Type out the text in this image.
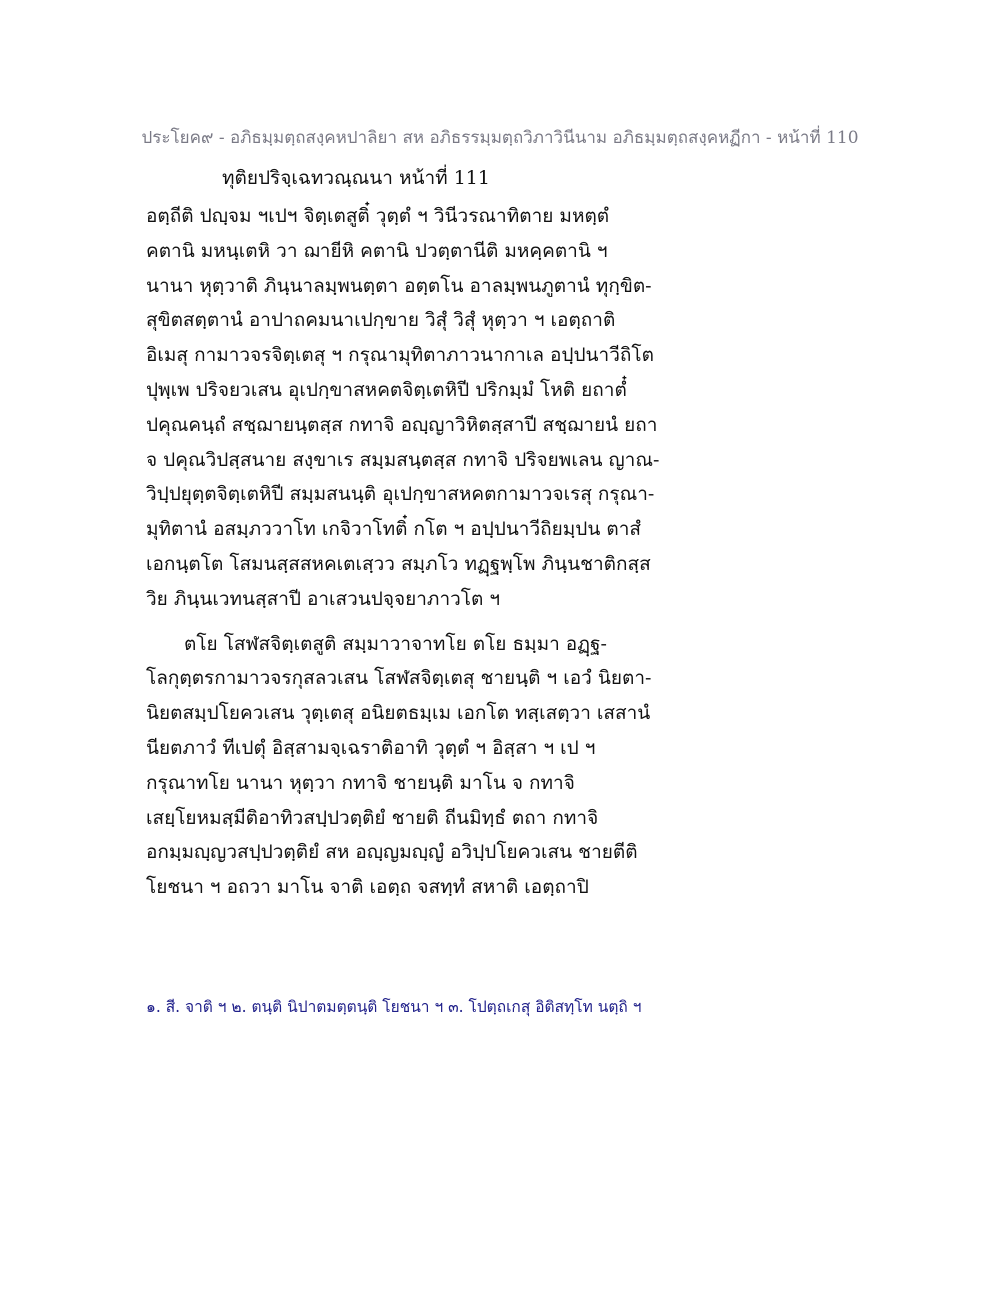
ประโยค๙ - อภิธมฺมตฺถสงฺคหปาลิยา สห อภิธรรมฺมตฺถวิภาวินีนาม อภิธมฺมตฺถสงฺคหฏีกา - หน้าที่ 110
ทุติยปริจฺเฉทวณฺณนา หน้าที่ 111
อตฺถีติ ปญฺจม ฯเปฯ จิตฺเตสูติ๋ วุตฺตํ ฯ วินีวรณาทิตาย มหตฺตํ
คตานิ มหนฺเตหิ วา ฌายีหิ คตานิ ปวตฺตานีติ มหคฺคตานิ ฯ
นานา หุตฺวาติ ภินฺนาลมฺพนตฺตา อตฺตโน อาลมฺพนภูตานํ ทุกฺขิต-
สุขิตสตฺตานํ อาปาถคมนาเปกฺขาย วิสุํ วิสุํ หุตฺวา ฯ เอตฺถาติ
อิเมสุ กามาวจรจิตฺเตสุ ฯ กรุณามุทิตาภาวนากาเล อปฺปนาวีถิโต
ปุพฺเพ ปริจยวเสน อุเปกฺขาสหคตจิตฺเตหิปี ปริกมฺมํ โหติ ยถาตํ๋
ปคุณคนฺถํ สชฺฌายนฺตสฺส กทาจิ อญฺญาวิหิตสฺสาปี สชฺฌายนํ ยถา
จ ปคุณวิปสฺสนาย สงฺขาเร สมฺมสนฺตสฺส กทาจิ ปริจยพเลน ญาณ-
วิปฺปยุตฺตจิตฺเตหิปี สมฺมสนนฺติ อุเปกฺขาสหคตกามาวจเรสุ กรุณา-
มุทิตานํ อสมฺภววาโท เกจิวาโทติ๋ กโต ฯ อปฺปนาวีถิยมฺปน ตาสํ
เอกนฺตโต โสมนสฺสสหคเตเสฺวว สมฺภโว ทฏฺฐพฺโพ ภินฺนชาติกสฺส
วิย ภินฺนเวทนสฺสาปี อาเสวนปจฺจยาภาวโต ฯ
ตโย โสฬสจิตฺเตสูติ สมฺมาวาจาทโย ตโย ธมฺมา อฏฺฐ-
โลกุตฺตรกามาวจรกุสลวเสน โสฬสจิตฺเตสุ ชายนฺติ ฯ เอวํ นิยตา-
นิยตสมฺปโยควเสน วุตฺเตสุ อนิยตธมฺเม เอกโต ทสฺเสตฺวา เสสานํ
นียตภาวํ ทีเปตุํ อิสฺสามจฺเฉราติอาทิ วุตฺตํ ฯ อิสฺสา ฯ เป ฯ
กรุณาทโย นานา หุตฺวา กทาจิ ชายนฺติ มาโน จ กทาจิ
เสยฺโยหมสฺมีติอาทิวสปฺปวตฺติยํ ชายติ ถีนมิทฺธํ ตถา กทาจิ
อกมฺมญฺญวสปฺปวตฺติยํ สห อญฺญมญฺญํ อวิปฺปโยควเสน ชายตีติ
โยชนา ฯ อถวา มาโน จาติ เอตฺถ จสทฺทํ สหาติ เอตฺถาปิ
๑. สี. จาติ ฯ ๒. ตนฺติ นิปาตมตฺตนฺติ โยชนา ฯ ๓. โปตฺถเกสุ อิติสทฺโท นตฺถิ ฯ
